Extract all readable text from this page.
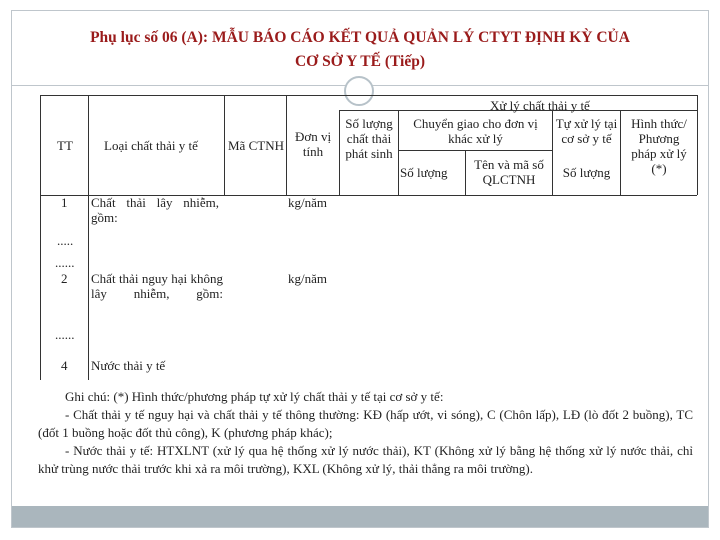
Phụ lục số 06 (A): MẪU BÁO CÁO KẾT QUẢ QUẢN LÝ CTYT ĐỊNH KỲ CỦA
CƠ SỞ Y TẾ (Tiếp)
TT Loại chất thải y tế Mã CTNH
Đơn vị
tính
Xử lý chất thải y tế
Số lượng
chất thải
phát sinh
Chuyển giao cho đơn vị
khác xử lý
Số lượng
Tên và mã số
QLCTNH
Tự xử lý tại
cơ sở y tế
Số lượng
Hình thức/
Phương
pháp xử lý
(*)
1 Chất thải lây nhiễm, gồm:
kg/năm
.....
......
2 Chất thải nguy hại không lây nhiễm, gồm:
kg/năm
......
4 Nước thải y tế

Ghi chú: (*) Hình thức/phương pháp tự xử lý chất thải y tế tại cơ sở y tế:

- Chất thải y tế nguy hại và chất thải y tế thông thường: KĐ (hấp ướt, vi sóng), C (Chôn lấp), LĐ (lò đốt 2 buồng), TC (đốt 1 buồng hoặc đốt thủ công), K (phương pháp khác);

- Nước thải y tế: HTXLNT (xử lý qua hệ thống xử lý nước thải), KT (Không xử lý bằng hệ thống xử lý nước thải, chỉ khử trùng nước thải trước khi xả ra môi trường), KXL (Không xử lý, thải thẳng ra môi trường).
